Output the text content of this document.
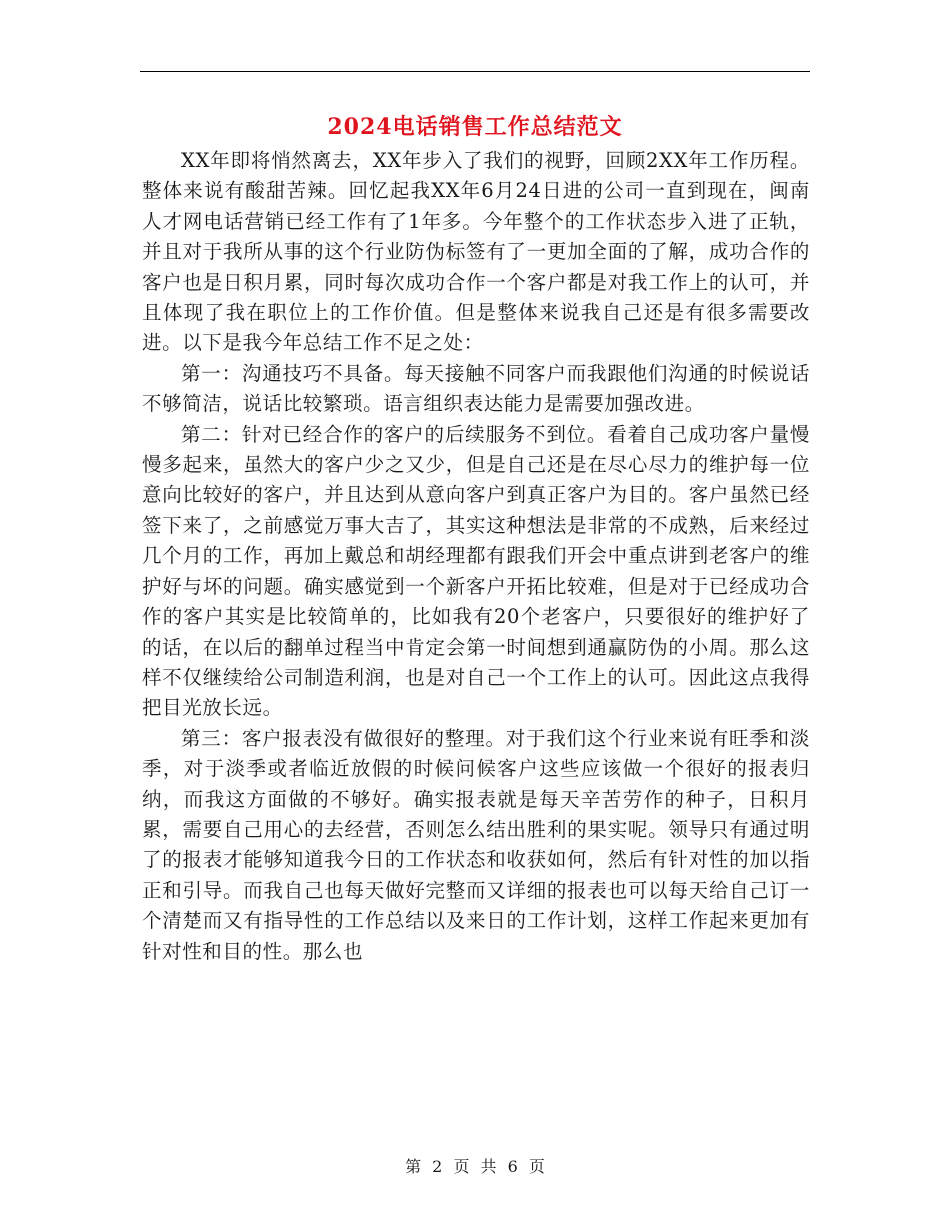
2024电话销售工作总结范文

XX年即将悄然离去，XX年步入了我们的视野，回顾2XX年工作历程。整体来说有酸甜苦辣。回忆起我XX年6月24日进的公司一直到现在，闽南人才网电话营销已经工作有了1年多。今年整个的工作状态步入进了正轨，并且对于我所从事的这个行业防伪标签有了一更加全面的了解，成功合作的客户也是日积月累，同时每次成功合作一个客户都是对我工作上的认可，并且体现了我在职位上的工作价值。但是整体来说我自己还是有很多需要改进。以下是我今年总结工作不足之处：

第一：沟通技巧不具备。每天接触不同客户而我跟他们沟通的时候说话不够简洁，说话比较繁琐。语言组织表达能力是需要加强改进。

第二：针对已经合作的客户的后续服务不到位。看着自己成功客户量慢慢多起来，虽然大的客户少之又少，但是自己还是在尽心尽力的维护每一位意向比较好的客户，并且达到从意向客户到真正客户为目的。客户虽然已经签下来了，之前感觉万事大吉了，其实这种想法是非常的不成熟，后来经过几个月的工作，再加上戴总和胡经理都有跟我们开会中重点讲到老客户的维护好与坏的问题。确实感觉到一个新客户开拓比较难，但是对于已经成功合作的客户其实是比较简单的，比如我有20个老客户，只要很好的维护好了的话，在以后的翻单过程当中肯定会第一时间想到通赢防伪的小周。那么这样不仅继续给公司制造利润，也是对自己一个工作上的认可。因此这点我得把目光放长远。

第三：客户报表没有做很好的整理。对于我们这个行业来说有旺季和淡季，对于淡季或者临近放假的时候问候客户这些应该做一个很好的报表归纳，而我这方面做的不够好。确实报表就是每天辛苦劳作的种子，日积月累，需要自己用心的去经营，否则怎么结出胜利的果实呢。领导只有通过明了的报表才能够知道我今日的工作状态和收获如何，然后有针对性的加以指正和引导。而我自己也每天做好完整而又详细的报表也可以每天给自己订一个清楚而又有指导性的工作总结以及来日的工作计划，这样工作起来更加有针对性和目的性。那么也

第 2 页 共 6 页
